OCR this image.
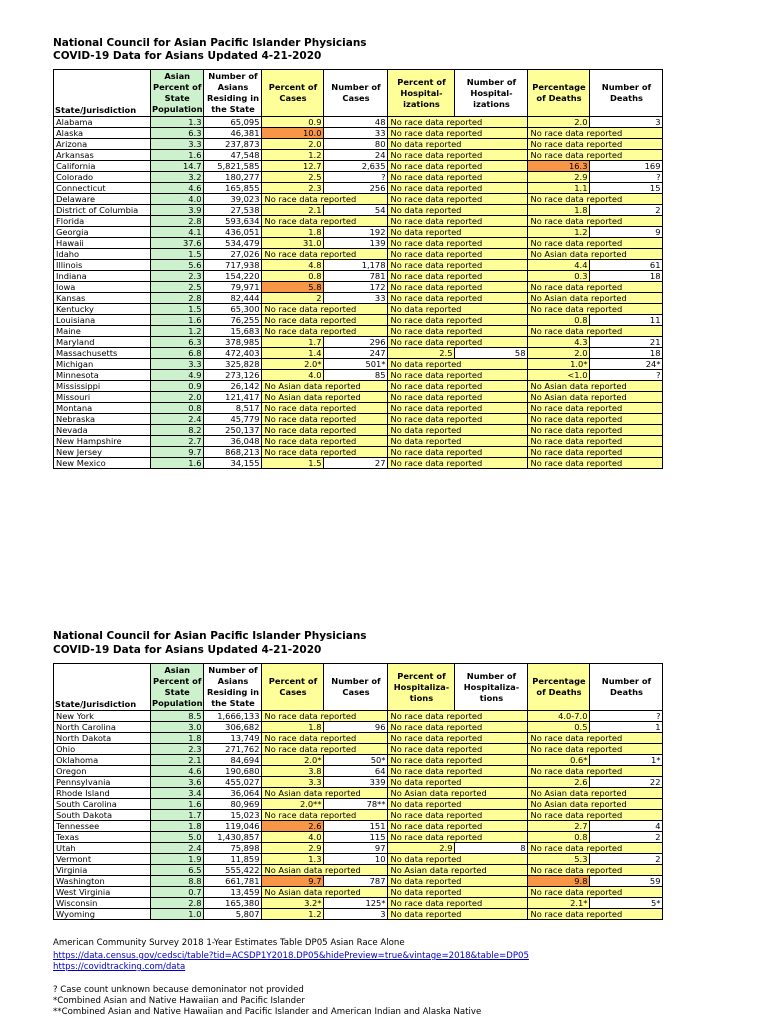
National Council for Asian Pacific Islander Physicians
COVID-19 Data for Asians Updated 4-21-2020
State/Jurisdiction	Asian Percent of State Population	Number of Asians Residing in the State	Percent of Cases	Number of Cases	Percent of Hospital-izations	Number of Hospital-izations	Percentage of Deaths	Number of Deaths
Alabama	1.3	65,095	0.9	48	No race data reported		2.0	3
Alaska	6.3	46,381	10.0	33	No race data reported		No race data reported	
Arizona	3.3	237,873	2.0	80	No data reported		No race data reported	
Arkansas	1.6	47,548	1.2	24	No race data reported		No race data reported	
California	14.7	5,821,585	12.7	2,635	No race data reported		16.3	169
Colorado	3.2	180,277	2.5	?	No race data reported		2.9	?
Connecticut	4.6	165,855	2.3	256	No race data reported		1.1	15
Delaware	4.0	39,023	No race data reported		No race data reported		No race data reported	
District of Columbia	3.9	27,538	2.1	54	No data reported		1.8	2
Florida	2.8	593,634	No race data reported		No race data reported		No race data reported	
Georgia	4.1	436,051	1.8	192	No data reported		1.2	9
Hawaii	37.6	534,479	31.0	139	No race data reported		No race data reported	
Idaho	1.5	27,026	No race data reported		No race data reported		No Asian data reported	
Illinois	5.6	717,938	4.8	1,178	No race data reported		4.4	61
Indiana	2.3	154,220	0.8	781	No race data reported		0.3	18
Iowa	2.5	79,971	5.8	172	No race data reported		No race data reported	
Kansas	2.8	82,444	2	33	No race data reported		No Asian data reported	
Kentucky	1.5	65,300	No race data reported		No data reported		No race data reported	
Louisiana	1.6	76,255	No race data reported		No race data reported		0.8	11
Maine	1.2	15,683	No race data reported		No race data reported		No race data reported	
Maryland	6.3	378,985	1.7	296	No race data reported		4.3	21
Massachusetts	6.8	472,403	1.4	247	2.5	58	2.0	18
Michigan	3.3	325,828	2.0*	501*	No data reported		1.0*	24*
Minnesota	4.9	273,126	4.0	85	No race data reported		<1.0	?
Mississippi	0.9	26,142	No Asian data reported		No race data reported		No Asian data reported	
Missouri	2.0	121,417	No Asian data reported		No race data reported		No Asian data reported	
Montana	0.8	8,517	No race data reported		No race data reported		No race data reported	
Nebraska	2.4	45,779	No race data reported		No race data reported		No race data reported	
Nevada	8.2	250,137	No race data reported		No data reported		No race data reported	
New Hampshire	2.7	36,048	No race data reported		No data reported		No race data reported	
New Jersey	9.7	868,213	No race data reported		No race data reported		No race data reported	
New Mexico	1.6	34,155	1.5	27	No race data reported		No race data reported	
National Council for Asian Pacific Islander Physicians
COVID-19 Data for Asians Updated 4-21-2020
State/Jurisdiction	Asian Percent of State Population	Number of Asians Residing in the State	Percent of Cases	Number of Cases	Percent of Hospitaliza-tions	Number of Hospitaliza-tions	Percentage of Deaths	Number of Deaths
New York	8.5	1,666,133	No race data reported		No race data reported		4.0-7.0	?
North Carolina	3.0	306,682	1.8	96	No race data reported		0.5	1
North Dakota	1.8	13,749	No race data reported		No race data reported		No race data reported	
Ohio	2.3	271,762	No race data reported		No race data reported		No race data reported	
Oklahoma	2.1	84,694	2.0*	50*	No race data reported		0.6*	1*
Oregon	4.6	190,680	3.8	64	No race data reported		No race data reported	
Pennsylvania	3.6	455,027	3.3	339	No data reported		2.6	22
Rhode Island	3.4	36,064	No Asian data reported		No Asian data reported		No Asian data reported	
South Carolina	1.6	80,969	2.0**	78**	No data reported		No Asian data reported	
South Dakota	1.7	15,023	No race data reported		No race data reported		No race data reported	
Tennessee	1.8	119,046	2.6	151	No race data reported		2.7	4
Texas	5.0	1,430,857	4.0	115	No race data reported		0.8	2
Utah	2.4	75,898	2.9	97	2.9	8	No race data reported	
Vermont	1.9	11,859	1.3	10	No data reported		5.3	2
Virginia	6.5	555,422	No Asian data reported		No Asian data reported		No race data reported	
Washington	8.8	661,781	9.7	787	No data reported		9.8	59
West Virginia	0.7	13,459	No Asian data reported		No data reported		No race data reported	
Wisconsin	2.8	165,380	3.2*	125*	No race data reported		2.1*	5*
Wyoming	1.0	5,807	1.2	3	No data reported		No race data reported	
American Community Survey 2018 1-Year Estimates Table DP05 Asian Race Alone
https://data.census.gov/cedsci/table?tid=ACSDP1Y2018.DP05&hidePreview=true&vintage=2018&table=DP05
https://covidtracking.com/data
? Case count unknown because demoninator not provided
*Combined Asian and Native Hawaiian and Pacific Islander
**Combined Asian and Native Hawaiian and Pacific Islander and American Indian and Alaska Native
